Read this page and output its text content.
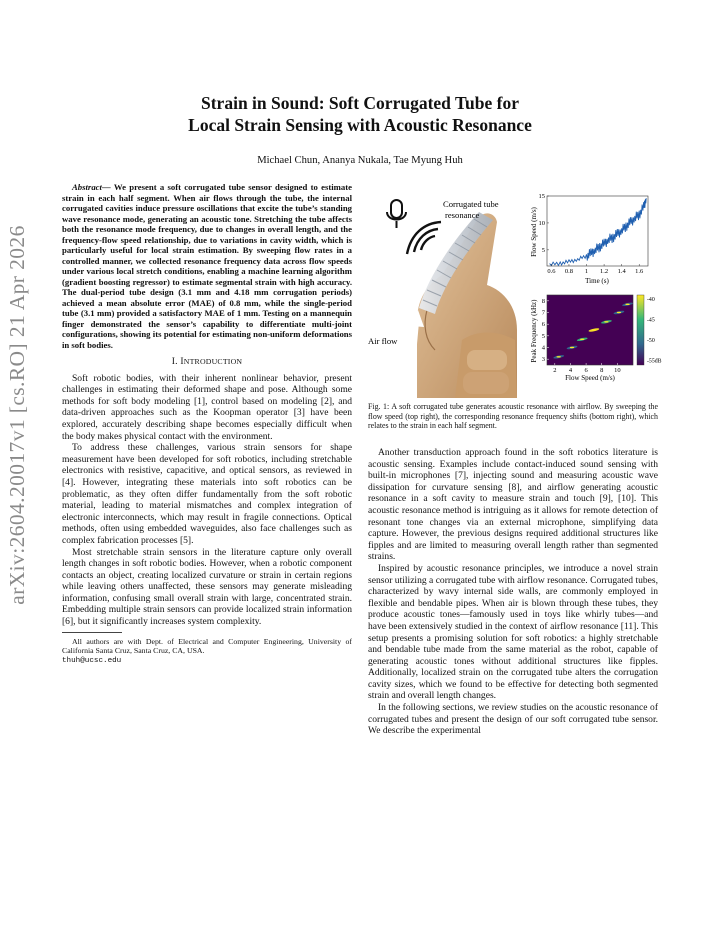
arXiv:2604.20017v1 [cs.RO] 21 Apr 2026
Strain in Sound: Soft Corrugated Tube for
Local Strain Sensing with Acoustic Resonance
Michael Chun, Ananya Nukala, Tae Myung Huh
Abstract— We present a soft corrugated tube sensor designed to estimate strain in each half segment. When air flows through the tube, the internal corrugated cavities induce pressure oscillations that excite the tube’s standing wave resonance mode, generating an acoustic tone. Stretching the tube affects both the resonance mode frequency, due to changes in overall length, and the frequency-flow speed relationship, due to variations in cavity width, which is particularly useful for local strain estimation. By sweeping flow rates in a controlled manner, we collected resonance frequency data across flow speeds under various local stretch conditions, enabling a machine learning algorithm (gradient boosting regressor) to estimate segmental strain with high accuracy. The dual-period tube design (3.1 mm and 4.18 mm corrugation periods) achieved a mean absolute error (MAE) of 0.8 mm, while the single-period tube (3.1 mm) provided a satisfactory MAE of 1 mm. Testing on a mannequin finger demonstrated the sensor’s capability to differentiate multi-joint configurations, showing its potential for estimating non-uniform deformations in soft bodies.
I. INTRODUCTION

Soft robotic bodies, with their inherent nonlinear behavior, present challenges in estimating their deformed shape and pose. Although some methods for soft body modeling [1], control based on modeling [2], and data-driven approaches such as the Koopman operator [3] have been explored, accurately describing shape becomes especially difficult when the body makes physical contact with the environment.

To address these challenges, various strain sensors for shape measurement have been developed for soft robotics, including stretchable electronics with resistive, capacitive, and optical sensors, as reviewed in [4]. However, integrating these materials into soft robotics can be problematic, as they often differ fundamentally from the soft robotic material, leading to material mismatches and complex integration of electronic interconnects, which may result in fragile connections. Optical methods, often using embedded waveguides, also face challenges such as complex fabrication processes [5].

Most stretchable strain sensors in the literature capture only overall length changes in soft robotic bodies. However, when a robotic component contacts an object, creating localized curvature or strain in certain regions while leaving others unaffected, these sensors may generate misleading information, confusing small overall strain with large, concentrated strain. Embedding multiple strain sensors can provide localized strain information [6], but it significantly increases system complexity.

All authors are with Dept. of Electrical and Computer Engineering, University of California Santa Cruz, Santa Cruz, CA, USA.
thuh@ucsc.edu
Corrugated tube
resonance
Air flow
0.6 0.8 1 1.2 1.4 1.6
5
10
15
Time (s)
Flow Speed (m/s)
2 4 6 8 10
3
4
5
6
7
8
Flow Speed (m/s)
Peak Frequency (kHz)	-40
-45
-50
-55dB
Fig. 1: A soft corrugated tube generates acoustic resonance with airflow. By sweeping the flow speed (top right), the corresponding resonance frequency shifts (bottom right), which relates to the strain in each half segment.

Another transduction approach found in the soft robotics literature is acoustic sensing. Examples include contact-induced sound sensing with built-in microphones [7], injecting sound and measuring acoustic wave dissipation for curvature sensing [8], and airflow generating acoustic resonance in a soft cavity to measure strain and touch [9], [10]. This acoustic resonance method is intriguing as it allows for remote detection of resonant tone changes via an external microphone, simplifying data capture. However, the previous designs required additional structures like fipples and are limited to measuring overall length rather than segmented strains.

Inspired by acoustic resonance principles, we introduce a novel strain sensor utilizing a corrugated tube with airflow resonance. Corrugated tubes, characterized by wavy internal side walls, are commonly employed in flexible and bendable pipes. When air is blown through these tubes, they produce acoustic tones—famously used in toys like whirly tubes—and have been extensively studied in the context of airflow resonance [11]. This setup presents a promising solution for soft robotics: a highly stretchable and bendable tube made from the same material as the robot, capable of generating acoustic tones without additional structures like fipples. Additionally, localized strain on the corrugated tube alters the corrugation cavity sizes, which we found to be effective for detecting both segmented strain and overall length changes.

In the following sections, we review studies on the acoustic resonance of corrugated tubes and present the design of our soft corrugated tube sensor. We describe the experimental
